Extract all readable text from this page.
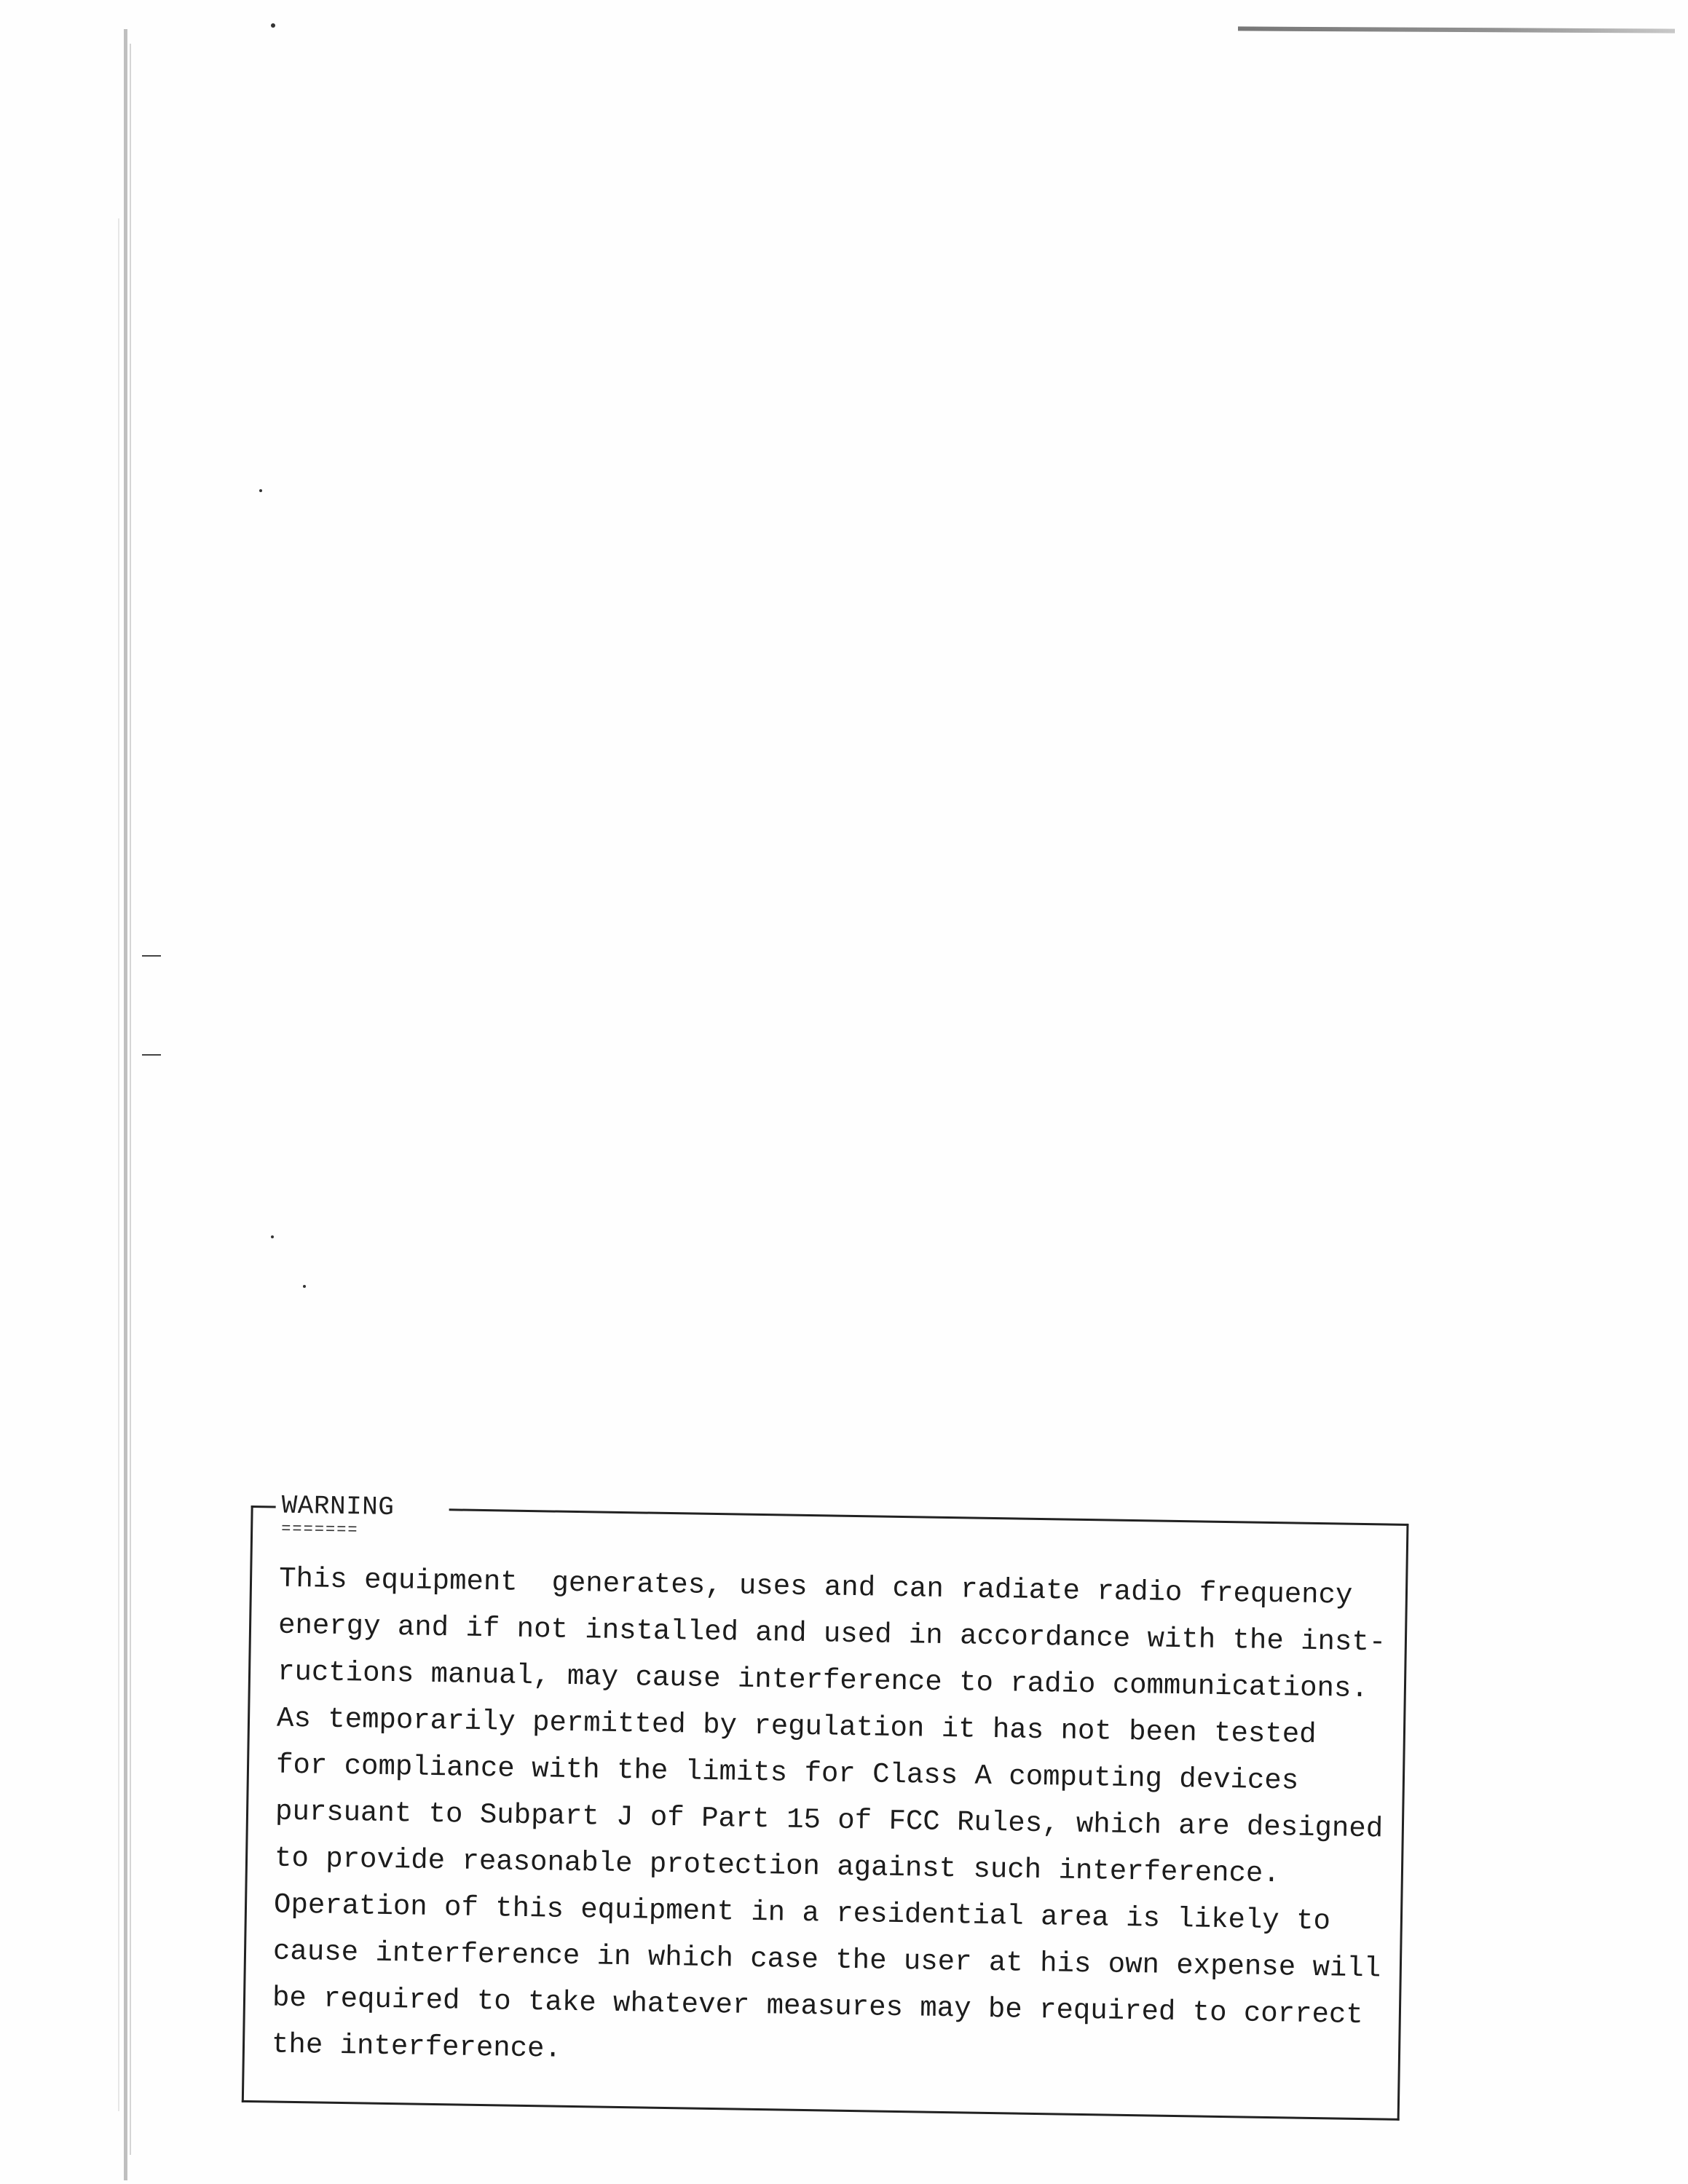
WARNING
=======
This equipment  generates, uses and can radiate radio frequency
energy and if not installed and used in accordance with the inst-
ructions manual, may cause interference to radio communications.
As temporarily permitted by regulation it has not been tested
for compliance with the limits for Class A computing devices
pursuant to Subpart J of Part 15 of FCC Rules, which are designed
to provide reasonable protection against such interference.
Operation of this equipment in a residential area is likely to
cause interference in which case the user at his own expense will
be required to take whatever measures may be required to correct
the interference.
